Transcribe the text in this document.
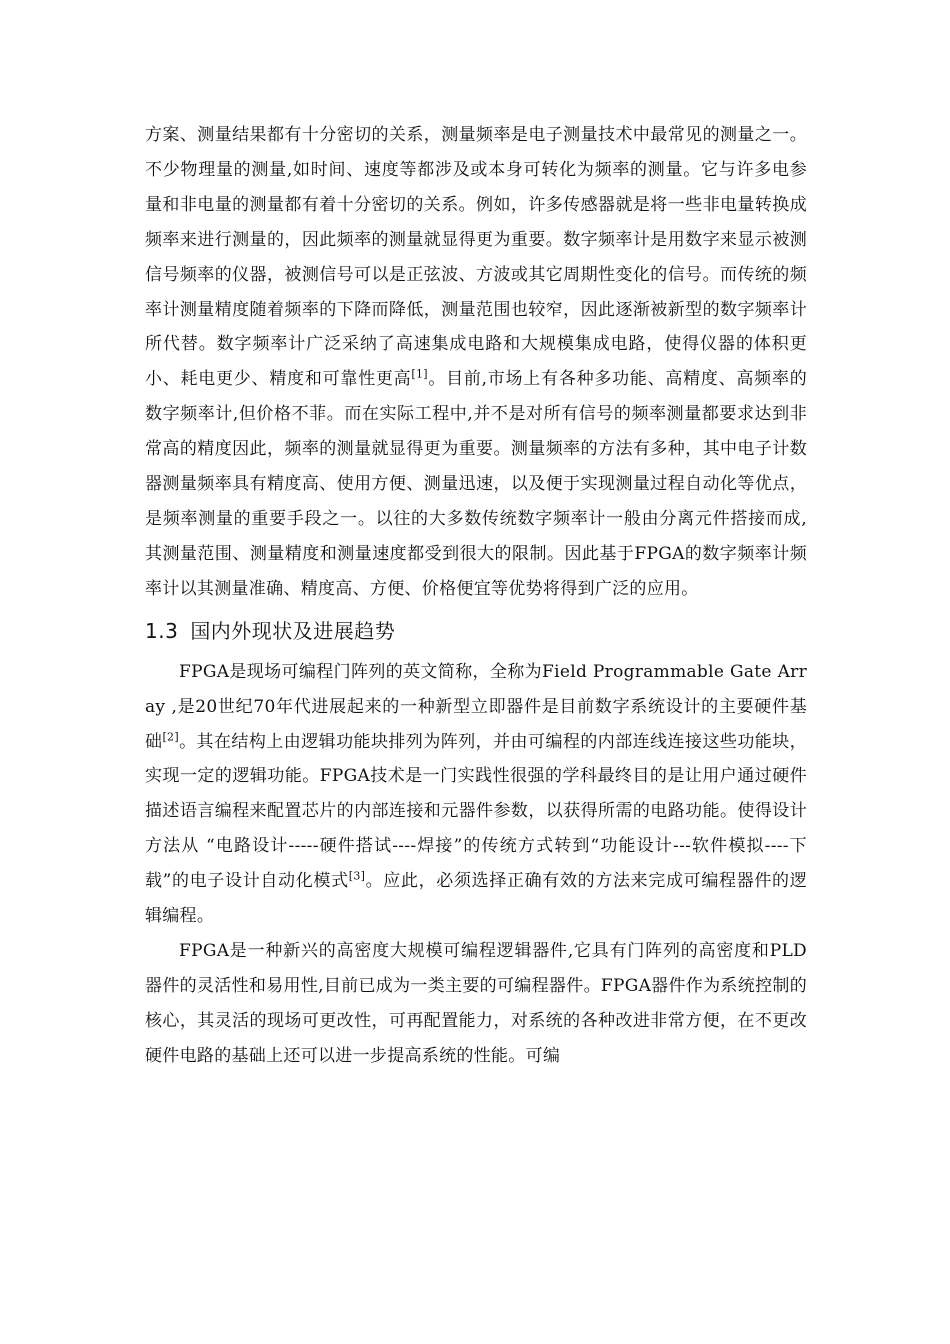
方案、测量结果都有十分密切的关系，测量频率是电子测量技术中最常见的测量之一。不少物理量的测量,如时间、速度等都涉及或本身可转化为频率的测量。它与许多电参量和非电量的测量都有着十分密切的关系。例如，许多传感器就是将一些非电量转换成频率来进行测量的，因此频率的测量就显得更为重要。数字频率计是用数字来显示被测信号频率的仪器，被测信号可以是正弦波、方波或其它周期性变化的信号。而传统的频率计测量精度随着频率的下降而降低，测量范围也较窄，因此逐渐被新型的数字频率计所代替。数字频率计广泛采纳了高速集成电路和大规模集成电路，使得仪器的体积更小、耗电更少、精度和可靠性更高[1]。目前,市场上有各种多功能、高精度、高频率的数字频率计,但价格不菲。而在实际工程中,并不是对所有信号的频率测量都要求达到非常高的精度因此，频率的测量就显得更为重要。测量频率的方法有多种，其中电子计数器测量频率具有精度高、使用方便、测量迅速，以及便于实现测量过程自动化等优点，是频率测量的重要手段之一。以往的大多数传统数字频率计一般由分离元件搭接而成,其测量范围、测量精度和测量速度都受到很大的限制。因此基于FPGA的数字频率计频率计以其测量准确、精度高、方便、价格便宜等优势将得到广泛的应用。

1.3 国内外现状及进展趋势

FPGA是现场可编程门阵列的英文简称，全称为Field Programmable Gate Array ,是20世纪70年代进展起来的一种新型立即器件是目前数字系统设计的主要硬件基础[2]。其在结构上由逻辑功能块排列为阵列，并由可编程的内部连线连接这些功能块，实现一定的逻辑功能。FPGA技术是一门实践性很强的学科最终目的是让用户通过硬件描述语言编程来配置芯片的内部连接和元器件参数，以获得所需的电路功能。使得设计方法从 “电路设计-----硬件搭试----焊接”的传统方式转到“功能设计---软件模拟----下载”的电子设计自动化模式[3]。应此，必须选择正确有效的方法来完成可编程器件的逻辑编程。

FPGA是一种新兴的高密度大规模可编程逻辑器件,它具有门阵列的高密度和PLD器件的灵活性和易用性,目前已成为一类主要的可编程器件。FPGA器件作为系统控制的核心，其灵活的现场可更改性，可再配置能力，对系统的各种改进非常方便，在不更改硬件电路的基础上还可以进一步提高系统的性能。可编
